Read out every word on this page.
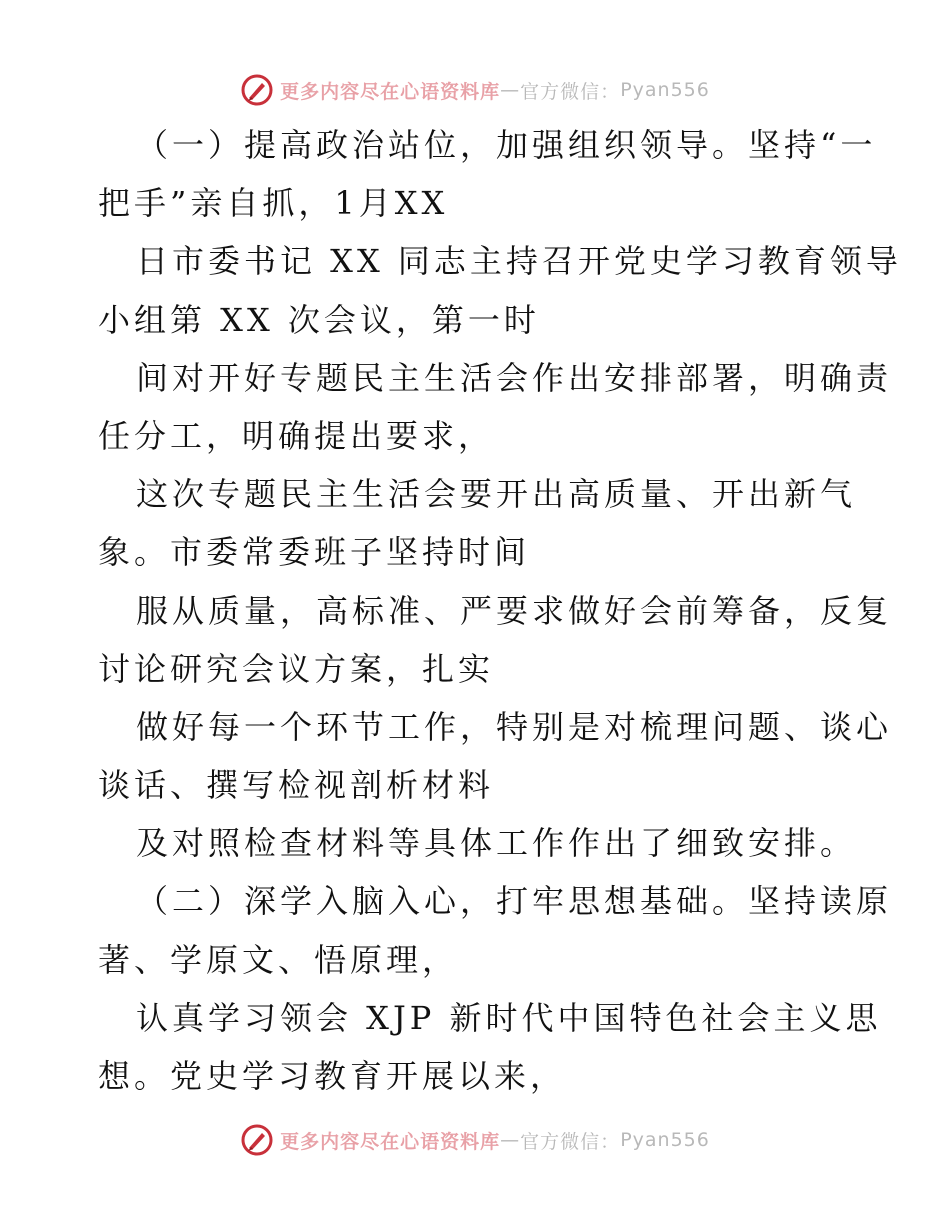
更多内容尽在心语资料库 — 官方微信： Pyan556
（一）提高政治站位，加强组织领导。坚持“一
把手”亲自抓，1月XX
日市委书记 XX 同志主持召开党史学习教育领导
小组第 XX 次会议，第一时
间对开好专题民主生活会作出安排部署，明确责
任分工，明确提出要求，
这次专题民主生活会要开出高质量、开出新气
象。市委常委班子坚持时间
服从质量，高标准、严要求做好会前筹备，反复
讨论研究会议方案，扎实
做好每一个环节工作，特别是对梳理问题、谈心
谈话、撰写检视剖析材料
及对照检查材料等具体工作作出了细致安排。
（二）深学入脑入心，打牢思想基础。坚持读原
著、学原文、悟原理，
认真学习领会 XJP 新时代中国特色社会主义思
想。党史学习教育开展以来，
更多内容尽在心语资料库 — 官方微信： Pyan556
